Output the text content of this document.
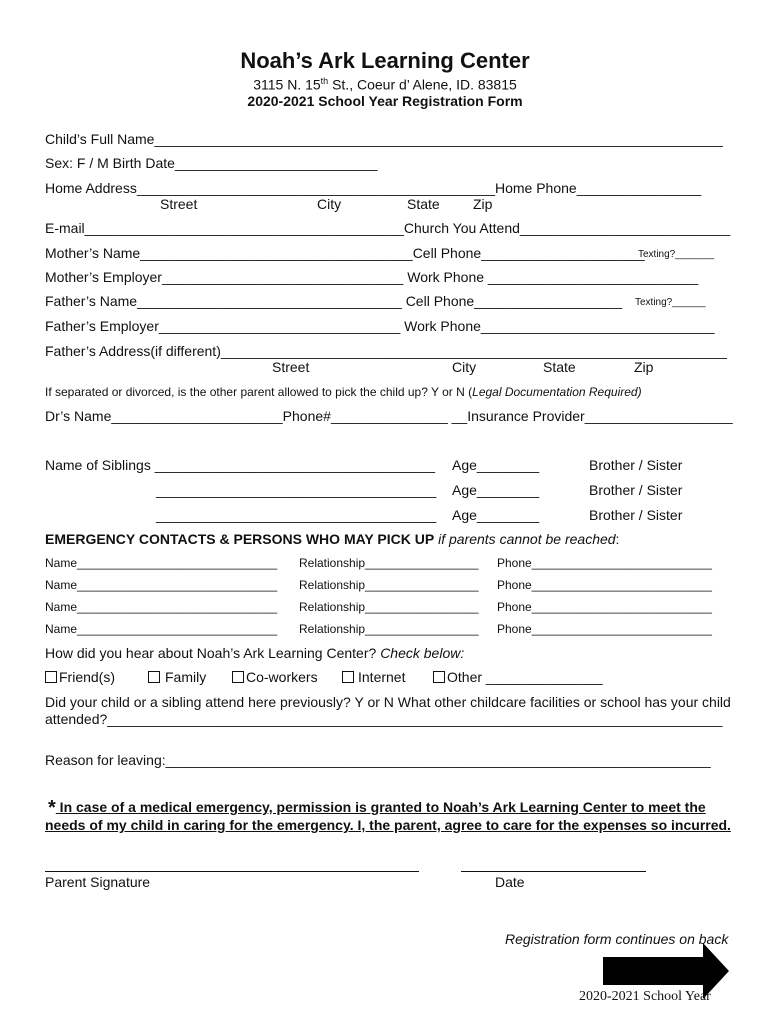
Noah’s Ark Learning Center
3115 N. 15th St., Coeur d’ Alene, ID. 83815
2020-2021 School Year Registration Form
Child’s Full Name_________________________________________________________________________
Sex: F / M Birth Date__________________________
Home Address______________________________________________Home Phone________________
Street	City	State Zip
E-mail_________________________________________Church You Attend___________________________
Mother’s Name___________________________________Cell Phone_____________________
Texting?_______
Mother’s Employer_______________________________ Work Phone ___________________________
Father’s Name__________________________________ Cell Phone___________________ Texting?______
Father’s Employer_______________________________ Work Phone______________________________
Father’s Address(if different)_________________________________________________________________
Street	City	State	Zip
If separated or divorced, is the other parent allowed to pick the child up? Y or N (Legal Documentation Required)
Dr’s Name______________________Phone#_______________ __Insurance Provider___________________
Name of Siblings ____________________________________ Age________	Brother / Sister
____________________________________ Age________	Brother / Sister
____________________________________ Age________	Brother / Sister
EMERGENCY CONTACTS & PERSONS WHO MAY PICK UP if parents cannot be reached:
Name______________________________ Relationship_________________ Phone___________________________
Name______________________________ Relationship_________________ Phone___________________________
Name______________________________ Relationship_________________ Phone___________________________
Name______________________________ Relationship_________________ Phone___________________________
How did you hear about Noah’s Ark Learning Center? Check below:
Friend(s)	Family	Co-workers	Internet	Other _______________
Did your child or a sibling attend here previously? Y or N What other childcare facilities or school has your child
attended?_______________________________________________________________________________
Reason for leaving:______________________________________________________________________
* In case of a medical emergency, permission is granted to Noah’s Ark Learning Center to meet the
needs of my child in caring for the emergency. I, the parent, agree to care for the expenses so incurred.
Parent Signature	Date
Registration form continues on back
2020-2021 School Year
